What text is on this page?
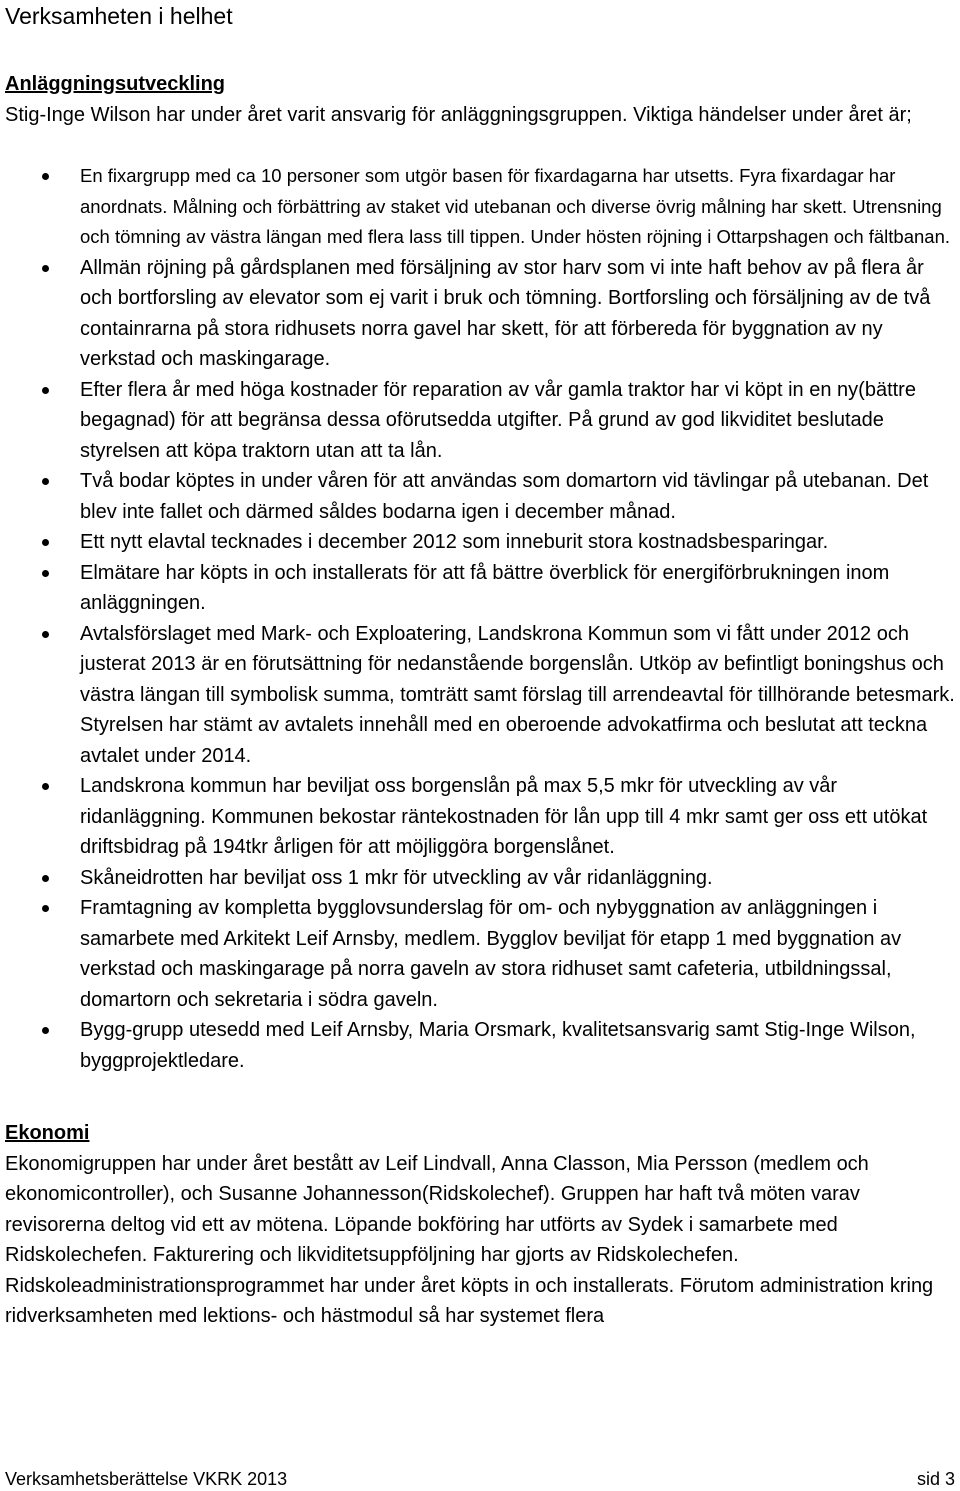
Verksamheten i helhet
Anläggningsutveckling

Stig-Inge Wilson har under året varit ansvarig för anläggningsgruppen. Viktiga händelser under året är;

En fixargrupp med ca 10 personer som utgör basen för fixardagarna har utsetts. Fyra fixardagar har anordnats. Målning och förbättring av staket vid utebanan och diverse övrig målning har skett. Utrensning och tömning av västra längan med flera lass till tippen. Under hösten röjning i Ottarpshagen och fältbanan.
Allmän röjning på gårdsplanen med försäljning av stor harv som vi inte haft behov av på flera år och bortforsling av elevator som ej varit i bruk och tömning. Bortforsling och försäljning av de två containrarna på stora ridhusets norra gavel har skett, för att förbereda för byggnation av ny verkstad och maskingarage.
Efter flera år med höga kostnader för reparation av vår gamla traktor har vi köpt in en ny(bättre begagnad) för att begränsa dessa oförutsedda utgifter. På grund av god likviditet beslutade styrelsen att köpa traktorn utan att ta lån.
Två bodar köptes in under våren för att användas som domartorn vid tävlingar på utebanan. Det blev inte fallet och därmed såldes bodarna igen i december månad.
Ett nytt elavtal tecknades i december 2012 som inneburit stora kostnadsbesparingar.
Elmätare har köpts in och installerats för att få bättre överblick för energiförbrukningen inom anläggningen.
Avtalsförslaget med Mark- och Exploatering, Landskrona Kommun som vi fått under 2012 och justerat 2013 är en förutsättning för nedanstående borgenslån. Utköp av befintligt boningshus och västra längan till symbolisk summa, tomträtt samt förslag till arrendeavtal för tillhörande betesmark. Styrelsen har stämt av avtalets innehåll med en oberoende advokatfirma och beslutat att teckna avtalet under 2014.
Landskrona kommun har beviljat oss borgenslån på max 5,5 mkr för utveckling av vår ridanläggning. Kommunen bekostar räntekostnaden för lån upp till 4 mkr samt ger oss ett utökat driftsbidrag på 194tkr årligen för att möjliggöra borgenslånet.
Skåneidrotten har beviljat oss 1 mkr för utveckling av vår ridanläggning.
Framtagning av kompletta bygglovsunderslag för om- och nybyggnation av anläggningen i samarbete med Arkitekt Leif Arnsby, medlem. Bygglov beviljat för etapp 1 med byggnation av verkstad och maskingarage på norra gaveln av stora ridhuset samt cafeteria, utbildningssal, domartorn och sekretaria i södra gaveln.
Bygg-grupp utesedd med Leif Arnsby, Maria Orsmark, kvalitetsansvarig samt Stig-Inge Wilson, byggprojektledare.
Ekonomi

Ekonomigruppen har under året bestått av Leif Lindvall, Anna Classon, Mia Persson (medlem och ekonomicontroller), och Susanne Johannesson(Ridskolechef). Gruppen har haft två möten varav revisorerna deltog vid ett av mötena. Löpande bokföring har utförts av Sydek i samarbete med Ridskolechefen. Fakturering och likviditetsuppföljning har gjorts av Ridskolechefen.

Ridskoleadministrationsprogrammet har under året köpts in och installerats. Förutom administration kring ridverksamheten med lektions- och hästmodul så har systemet flera

Verksamhetsberättelse VKRK 2013	sid 3
